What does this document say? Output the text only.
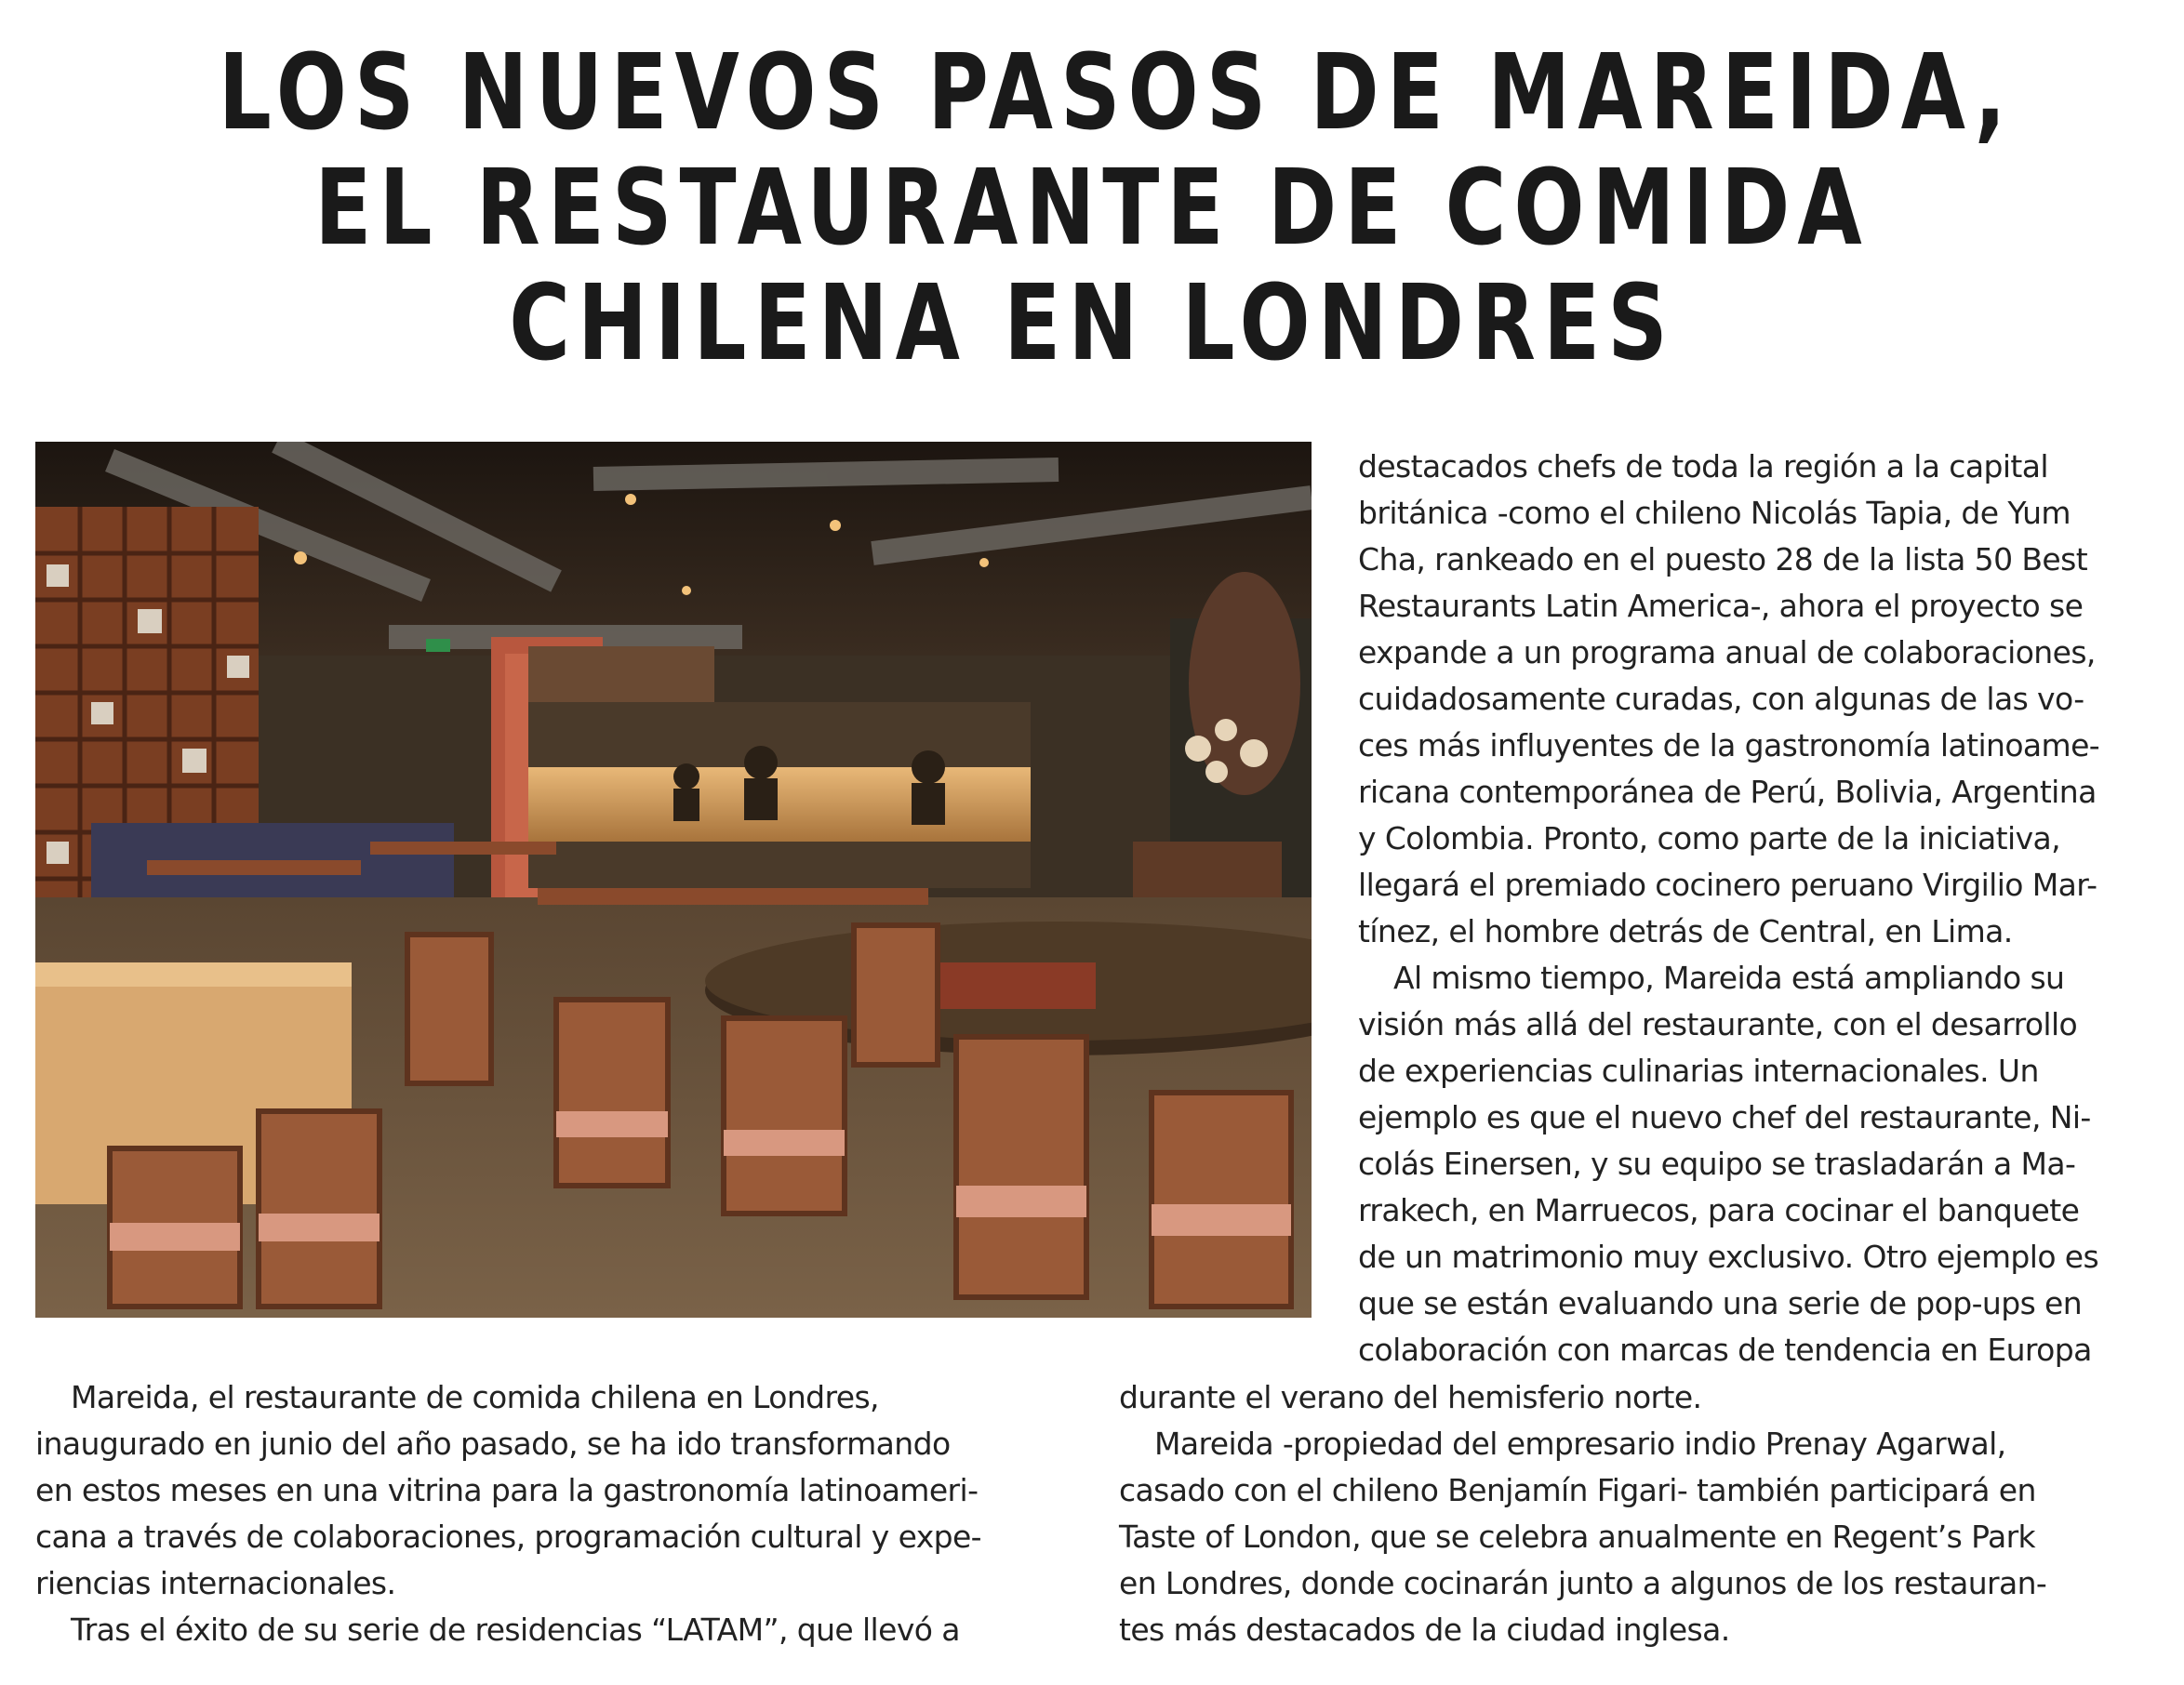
LOS NUEVOS PASOS DE MAREIDA,
EL RESTAURANTE DE COMIDA
CHILENA EN LONDRES
destacados chefs de toda la región a la capital
británica -como el chileno Nicolás Tapia, de Yum
Cha, rankeado en el puesto 28 de la lista 50 Best
Restaurants Latin America-, ahora el proyecto se
expande a un programa anual de colaboraciones,
cuidadosamente curadas, con algunas de las vo-
ces más influyentes de la gastronomía latinoame-
ricana contemporánea de Perú, Bolivia, Argentina
y Colombia. Pronto, como parte de la iniciativa,
llegará el premiado cocinero peruano Virgilio Mar-
tínez, el hombre detrás de Central, en Lima.
Al mismo tiempo, Mareida está ampliando su
visión más allá del restaurante, con el desarrollo
de experiencias culinarias internacionales. Un
ejemplo es que el nuevo chef del restaurante, Ni-
colás Einersen, y su equipo se trasladarán a Ma-
rrakech, en Marruecos, para cocinar el banquete
de un matrimonio muy exclusivo. Otro ejemplo es
que se están evaluando una serie de pop-ups en
colaboración con marcas de tendencia en Europa
Mareida, el restaurante de comida chilena en Londres,
inaugurado en junio del año pasado, se ha ido transformando
en estos meses en una vitrina para la gastronomía latinoameri-
cana a través de colaboraciones, programación cultural y expe-
riencias internacionales.
Tras el éxito de su serie de residencias “LATAM”, que llevó a
durante el verano del hemisferio norte.
Mareida -propiedad del empresario indio Prenay Agarwal,
casado con el chileno Benjamín Figari- también participará en
Taste of London, que se celebra anualmente en Regent’s Park
en Londres, donde cocinarán junto a algunos de los restauran-
tes más destacados de la ciudad inglesa.
